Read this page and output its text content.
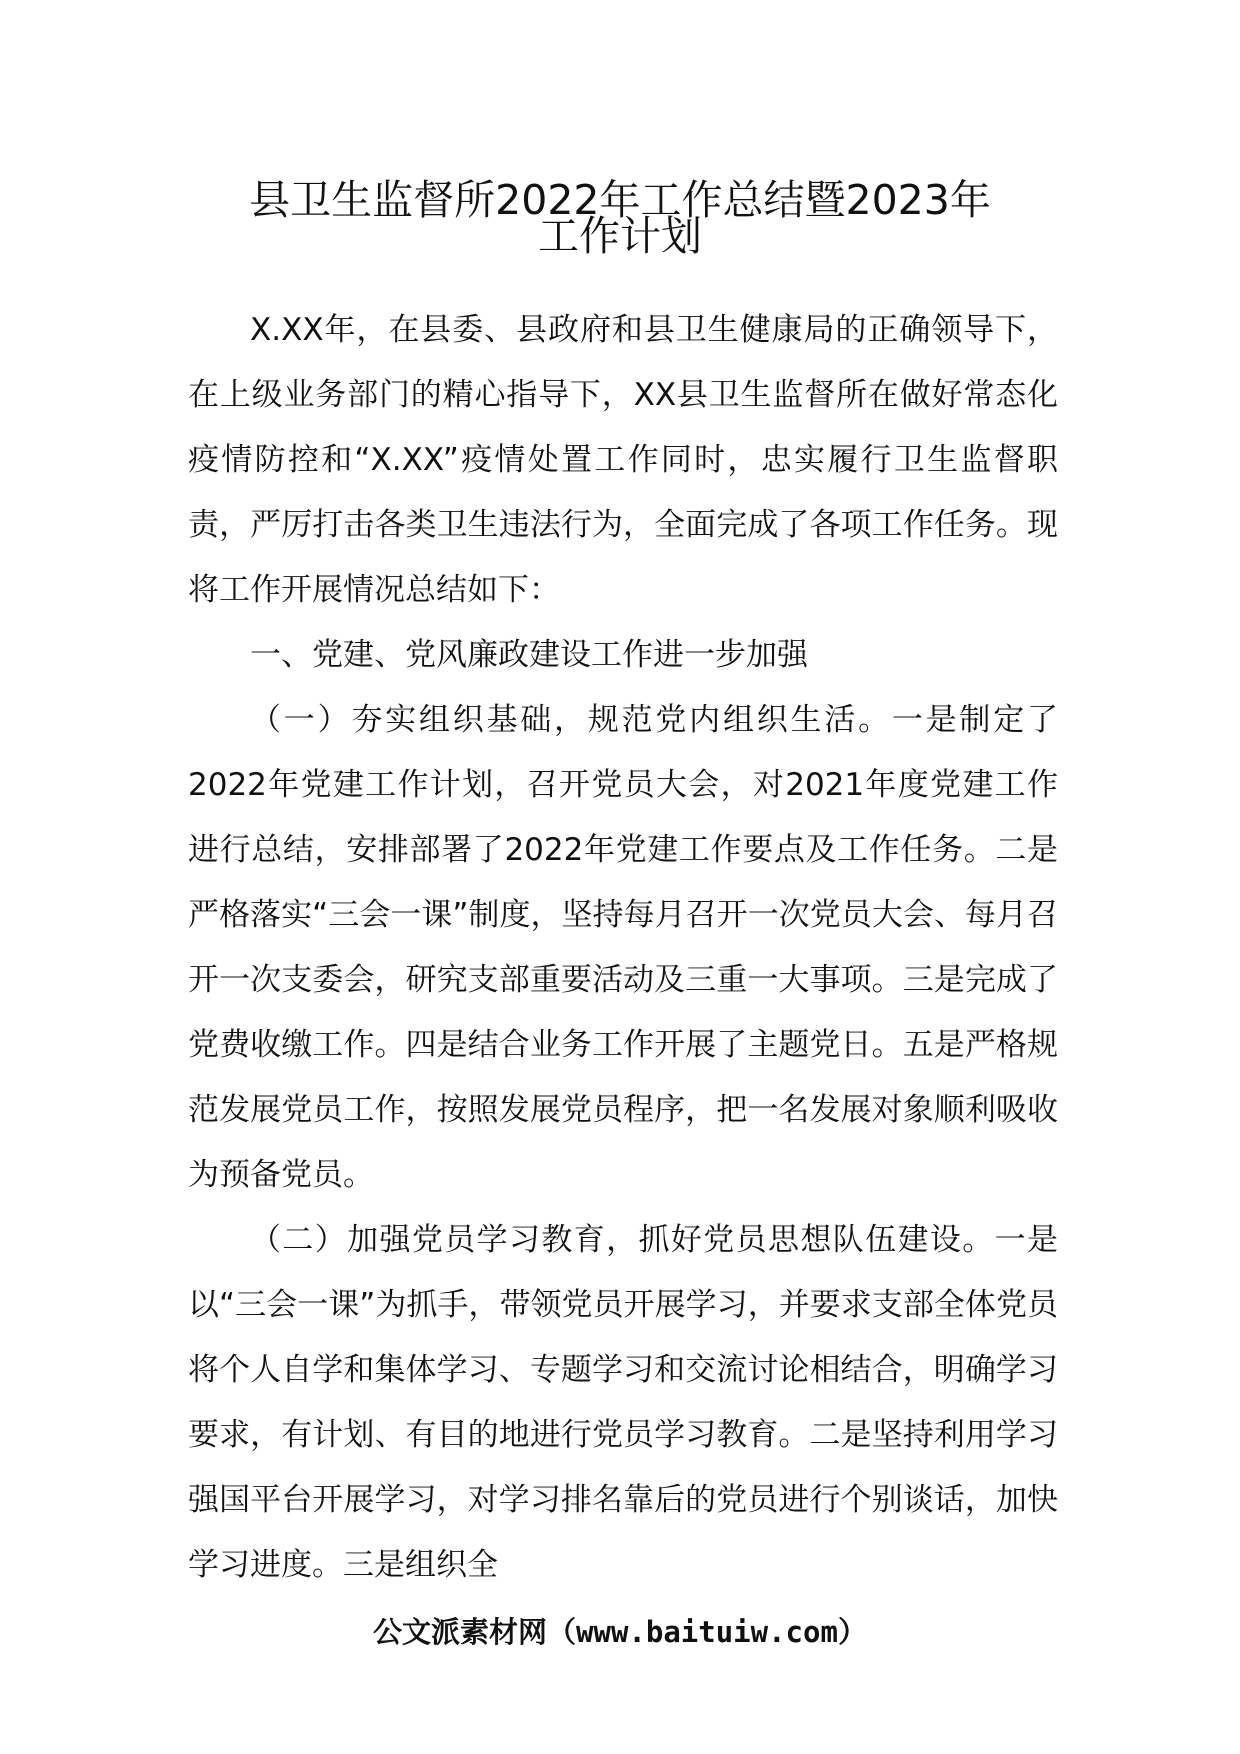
县卫生监督所2022年工作总结暨2023年
工作计划

X.XX年，在县委、县政府和县卫生健康局的正确领导下，在上级业务部门的精心指导下，XX县卫生监督所在做好常态化疫情防控和“X.XX”疫情处置工作同时，忠实履行卫生监督职责，严厉打击各类卫生违法行为，全面完成了各项工作任务。现将工作开展情况总结如下：

一、党建、党风廉政建设工作进一步加强

（一）夯实组织基础，规范党内组织生活。一是制定了2022年党建工作计划，召开党员大会，对2021年度党建工作进行总结，安排部署了2022年党建工作要点及工作任务。二是严格落实“三会一课”制度，坚持每月召开一次党员大会、每月召开一次支委会，研究支部重要活动及三重一大事项。三是完成了党费收缴工作。四是结合业务工作开展了主题党日。五是严格规范发展党员工作，按照发展党员程序，把一名发展对象顺利吸收为预备党员。

（二）加强党员学习教育，抓好党员思想队伍建设。一是以“三会一课”为抓手，带领党员开展学习，并要求支部全体党员将个人自学和集体学习、专题学习和交流讨论相结合，明确学习要求，有计划、有目的地进行党员学习教育。二是坚持利用学习强国平台开展学习，对学习排名靠后的党员进行个别谈话，加快学习进度。三是组织全

公文派素材网（www.baituiw.com）
